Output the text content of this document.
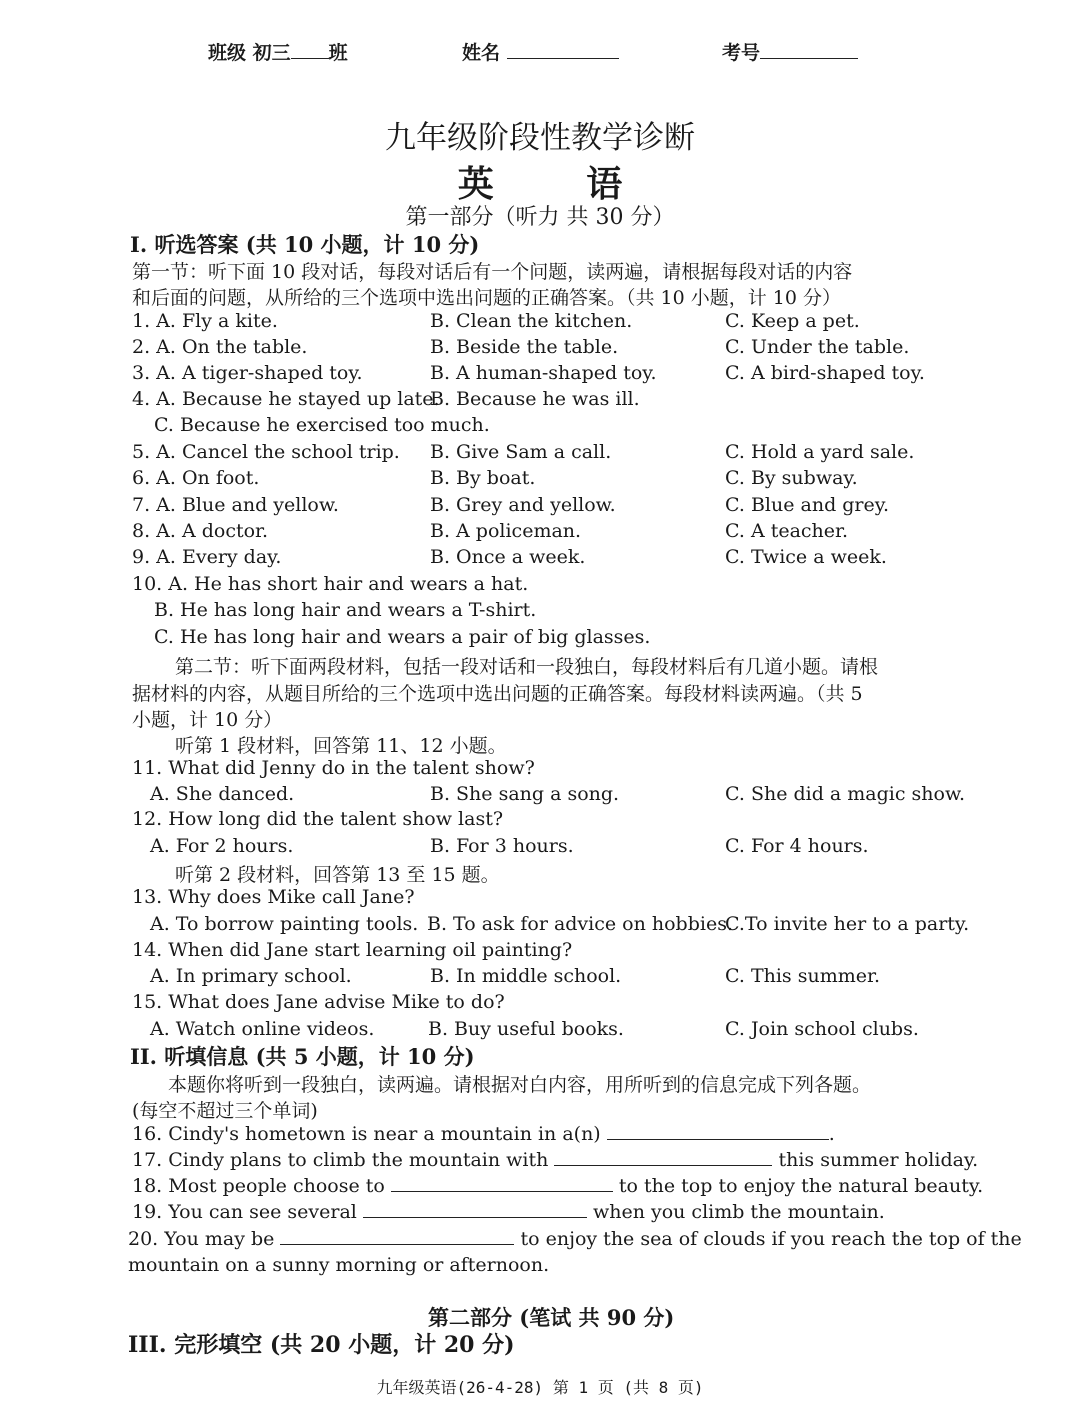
班级 初三 班	姓名	考号
九年级阶段性教学诊断
英 语
第一部分（听力 共 30 分）
I. 听选答案 (共 10 小题，计 10 分)
第一节：听下面 10 段对话，每段对话后有一个问题，读两遍，请根据每段对话的内容
和后面的问题，从所给的三个选项中选出问题的正确答案。（共 10 小题，计 10 分）
1. A. Fly a kite.	B. Clean the kitchen.	C. Keep a pet.
2. A. On the table.	B. Beside the table.	C. Under the table.
3. A. A tiger-shaped toy.	B. A human-shaped toy.	C. A bird-shaped toy.
4. A. Because he stayed up late.
B. Because he was ill.
C. Because he exercised too much.
5. A. Cancel the school trip. B. Give Sam a call.	C. Hold a yard sale.
6. A. On foot.	B. By boat.	C. By subway.
7. A. Blue and yellow.	B. Grey and yellow.	C. Blue and grey.
8. A. A doctor.	B. A policeman.	C. A teacher.
9. A. Every day.	B. Once a week.	C. Twice a week.
10. A. He has short hair and wears a hat.
B. He has long hair and wears a T-shirt.
C. He has long hair and wears a pair of big glasses.
第二节：听下面两段材料，包括一段对话和一段独白，每段材料后有几道小题。请根
据材料的内容，从题目所给的三个选项中选出问题的正确答案。每段材料读两遍。（共 5
小题，计 10 分）
听第 1 段材料，回答第 11、12 小题。
11. What did Jenny do in the talent show?
A. She danced.	B. She sang a song.	C. She did a magic show.
12. How long did the talent show last?
A. For 2 hours.	B. For 3 hours.	C. For 4 hours.
听第 2 段材料，回答第 13 至 15 题。
13. Why does Mike call Jane?
A. To borrow painting tools. B. To ask for advice on hobbies.
C.To invite her to a party.
14. When did Jane start learning oil painting?
A. In primary school.	B. In middle school.	C. This summer.
15. What does Jane advise Mike to do?
A. Watch online videos.	B. Buy useful books.	C. Join school clubs.
II. 听填信息 (共 5 小题，计 10 分)
本题你将听到一段独白，读两遍。请根据对白内容，用所听到的信息完成下列各题。
(每空不超过三个单词)
16. Cindy's hometown is near a mountain in a(n)	.
17. Cindy plans to climb the mountain with	this summer holiday.
18. Most people choose to	to the top to enjoy the natural beauty.
19. You can see several	when you climb the mountain.
20. You may be	to enjoy the sea of clouds if you reach the top of the
mountain on a sunny morning or afternoon.
第二部分 (笔试 共 90 分)
III. 完形填空 (共 20 小题，计 20 分)
九年级英语(26-4-28) 第 1 页 (共 8 页)
